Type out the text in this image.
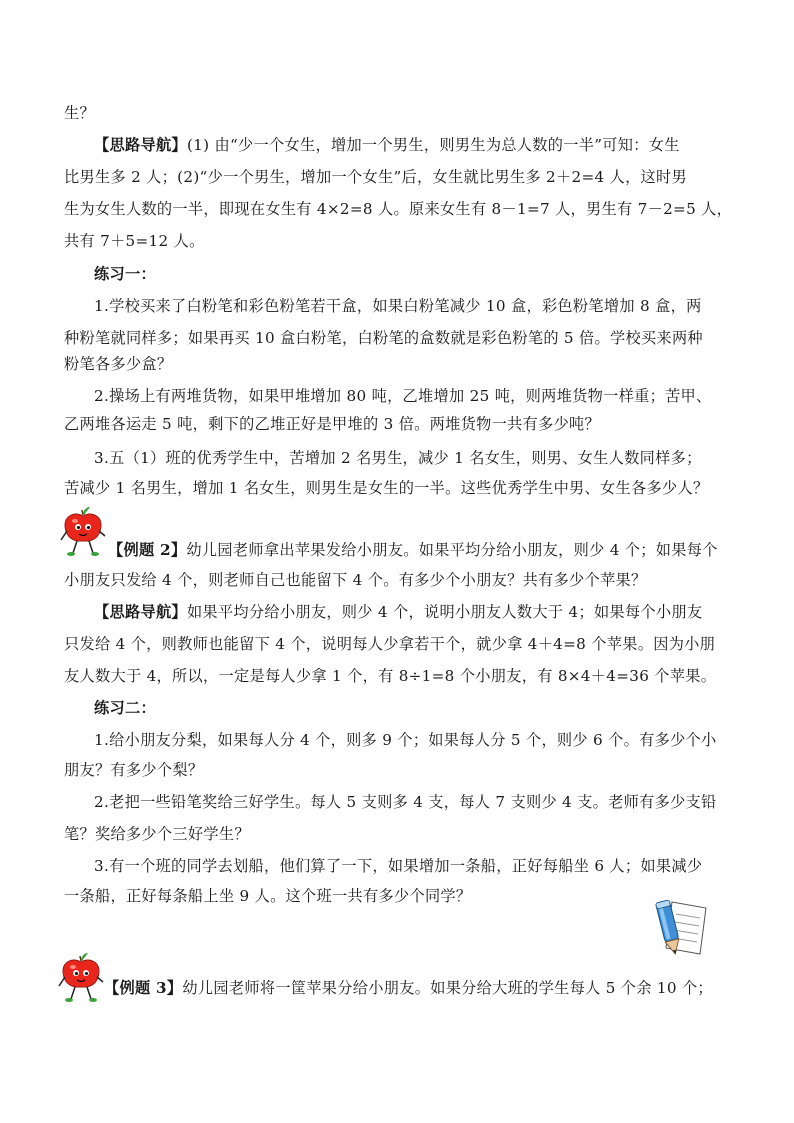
生？
【思路导航】(1) 由“少一个女生，增加一个男生，则男生为总人数的一半”可知：女生
比男生多 2 人；(2)“少一个男生，增加一个女生”后，女生就比男生多 2＋2=4 人，这时男
生为女生人数的一半，即现在女生有 4×2=8 人。原来女生有 8－1=7 人，男生有 7－2=5 人，
共有 7＋5=12 人。
练习一：
1.学校买来了白粉笔和彩色粉笔若干盒，如果白粉笔减少 10 盒，彩色粉笔增加 8 盒，两
种粉笔就同样多；如果再买 10 盒白粉笔，白粉笔的盒数就是彩色粉笔的 5 倍。学校买来两种
粉笔各多少盒？
2.操场上有两堆货物，如果甲堆增加 80 吨，乙堆增加 25 吨，则两堆货物一样重；苦甲、
乙两堆各运走 5 吨，剩下的乙堆正好是甲堆的 3 倍。两堆货物一共有多少吨？
3.五（1）班的优秀学生中，苦增加 2 名男生，减少 1 名女生，则男、女生人数同样多；
苦减少 1 名男生，增加 1 名女生，则男生是女生的一半。这些优秀学生中男、女生各多少人？
【例题 2】幼儿园老师拿出苹果发给小朋友。如果平均分给小朋友，则少 4 个；如果每个
小朋友只发给 4 个，则老师自己也能留下 4 个。有多少个小朋友？共有多少个苹果？
【思路导航】如果平均分给小朋友，则少 4 个，说明小朋友人数大于 4；如果每个小朋友
只发给 4 个，则教师也能留下 4 个，说明每人少拿若干个，就少拿 4＋4=8 个苹果。因为小朋
友人数大于 4，所以，一定是每人少拿 1 个，有 8÷1=8 个小朋友，有 8×4＋4=36 个苹果。
练习二：
1.给小朋友分梨，如果每人分 4 个，则多 9 个；如果每人分 5 个，则少 6 个。有多少个小
朋友？有多少个梨？
2.老把一些铅笔奖给三好学生。每人 5 支则多 4 支，每人 7 支则少 4 支。老师有多少支铅
笔？奖给多少个三好学生？
3.有一个班的同学去划船，他们算了一下，如果增加一条船，正好每船坐 6 人；如果减少
一条船，正好每条船上坐 9 人。这个班一共有多少个同学？
【例题 3】幼儿园老师将一筐苹果分给小朋友。如果分给大班的学生每人 5 个余 10 个；
